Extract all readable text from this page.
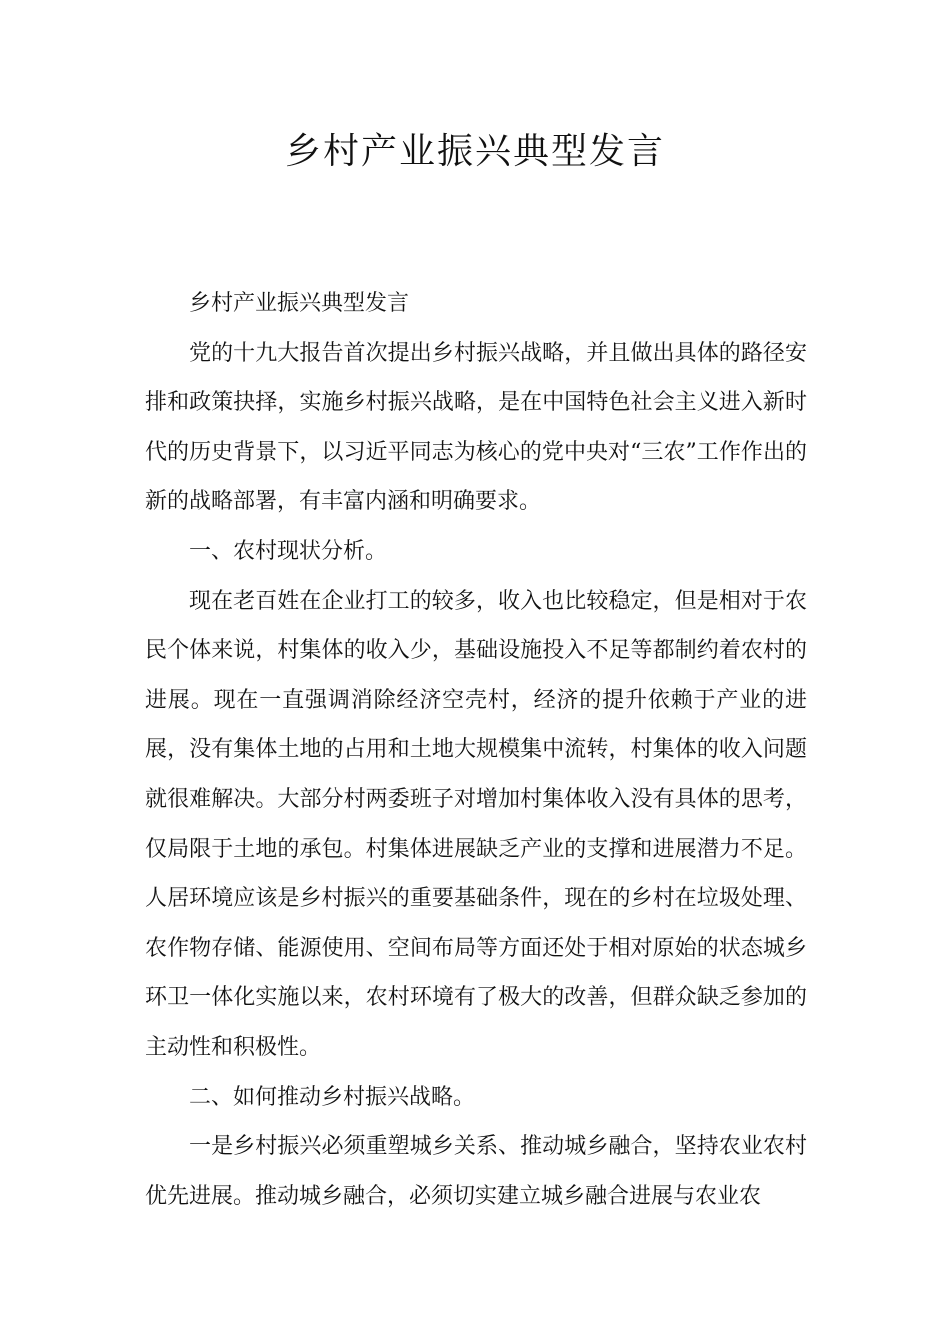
乡村产业振兴典型发言

乡村产业振兴典型发言

党的十九大报告首次提出乡村振兴战略，并且做出具体的路径安排和政策抉择，实施乡村振兴战略，是在中国特色社会主义进入新时代的历史背景下，以习近平同志为核心的党中央对“三农”工作作出的新的战略部署，有丰富内涵和明确要求。

一、农村现状分析。

现在老百姓在企业打工的较多，收入也比较稳定，但是相对于农民个体来说，村集体的收入少，基础设施投入不足等都制约着农村的进展。现在一直强调消除经济空壳村，经济的提升依赖于产业的进展，没有集体土地的占用和土地大规模集中流转，村集体的收入问题就很难解决。大部分村两委班子对增加村集体收入没有具体的思考，仅局限于土地的承包。村集体进展缺乏产业的支撑和进展潜力不足。人居环境应该是乡村振兴的重要基础条件，现在的乡村在垃圾处理、农作物存储、能源使用、空间布局等方面还处于相对原始的状态城乡环卫一体化实施以来，农村环境有了极大的改善，但群众缺乏参加的主动性和积极性。

二、如何推动乡村振兴战略。

一是乡村振兴必须重塑城乡关系、推动城乡融合，坚持农业农村优先进展。推动城乡融合，必须切实建立城乡融合进展与农业农
